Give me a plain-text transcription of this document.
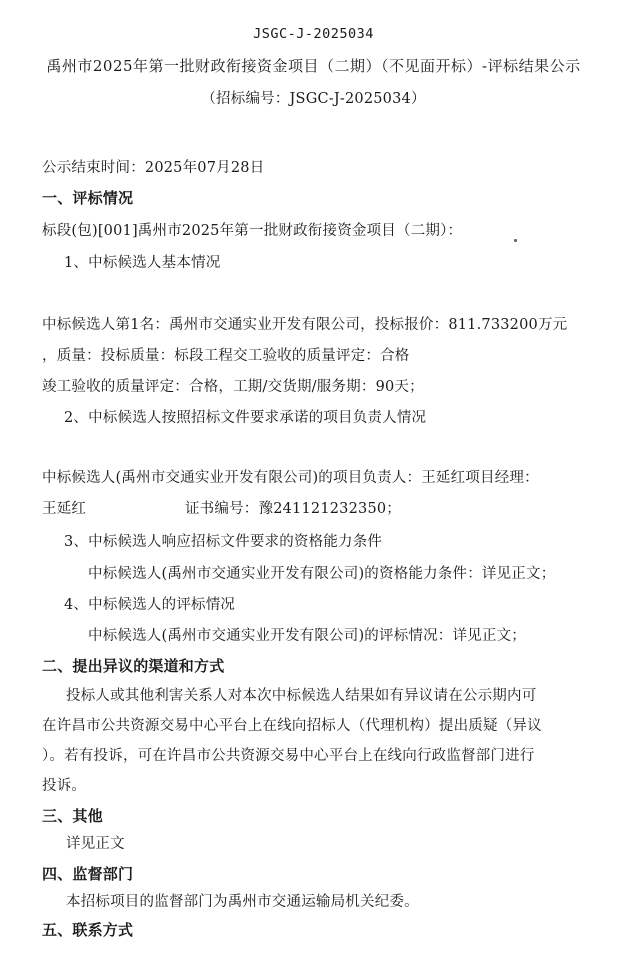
JSGC-J-2025034
禹州市2025年第一批财政衔接资金项目（二期）（不见面开标）-评标结果公示
（招标编号：JSGC-J-2025034）
公示结束时间：2025年07月28日
一、评标情况
标段(包)[001]禹州市2025年第一批财政衔接资金项目（二期）：
1、中标候选人基本情况
中标候选人第1名：禹州市交通实业开发有限公司，投标报价：811.733200万元
，质量：投标质量：标段工程交工验收的质量评定：合格
竣工验收的质量评定：合格，工期/交货期/服务期：90天；
2、中标候选人按照招标文件要求承诺的项目负责人情况
中标候选人(禹州市交通实业开发有限公司)的项目负责人：王延红项目经理：
王延红	证书编号：豫241121232350；
3、中标候选人响应招标文件要求的资格能力条件
中标候选人(禹州市交通实业开发有限公司)的资格能力条件：详见正文；
4、中标候选人的评标情况
中标候选人(禹州市交通实业开发有限公司)的评标情况：详见正文；
二、提出异议的渠道和方式
投标人或其他利害关系人对本次中标候选人结果如有异议请在公示期内可
在许昌市公共资源交易中心平台上在线向招标人（代理机构）提出质疑（异议
）。若有投诉，可在许昌市公共资源交易中心平台上在线向行政监督部门进行
投诉。
三、其他
详见正文
四、监督部门
本招标项目的监督部门为禹州市交通运输局机关纪委。
五、联系方式
